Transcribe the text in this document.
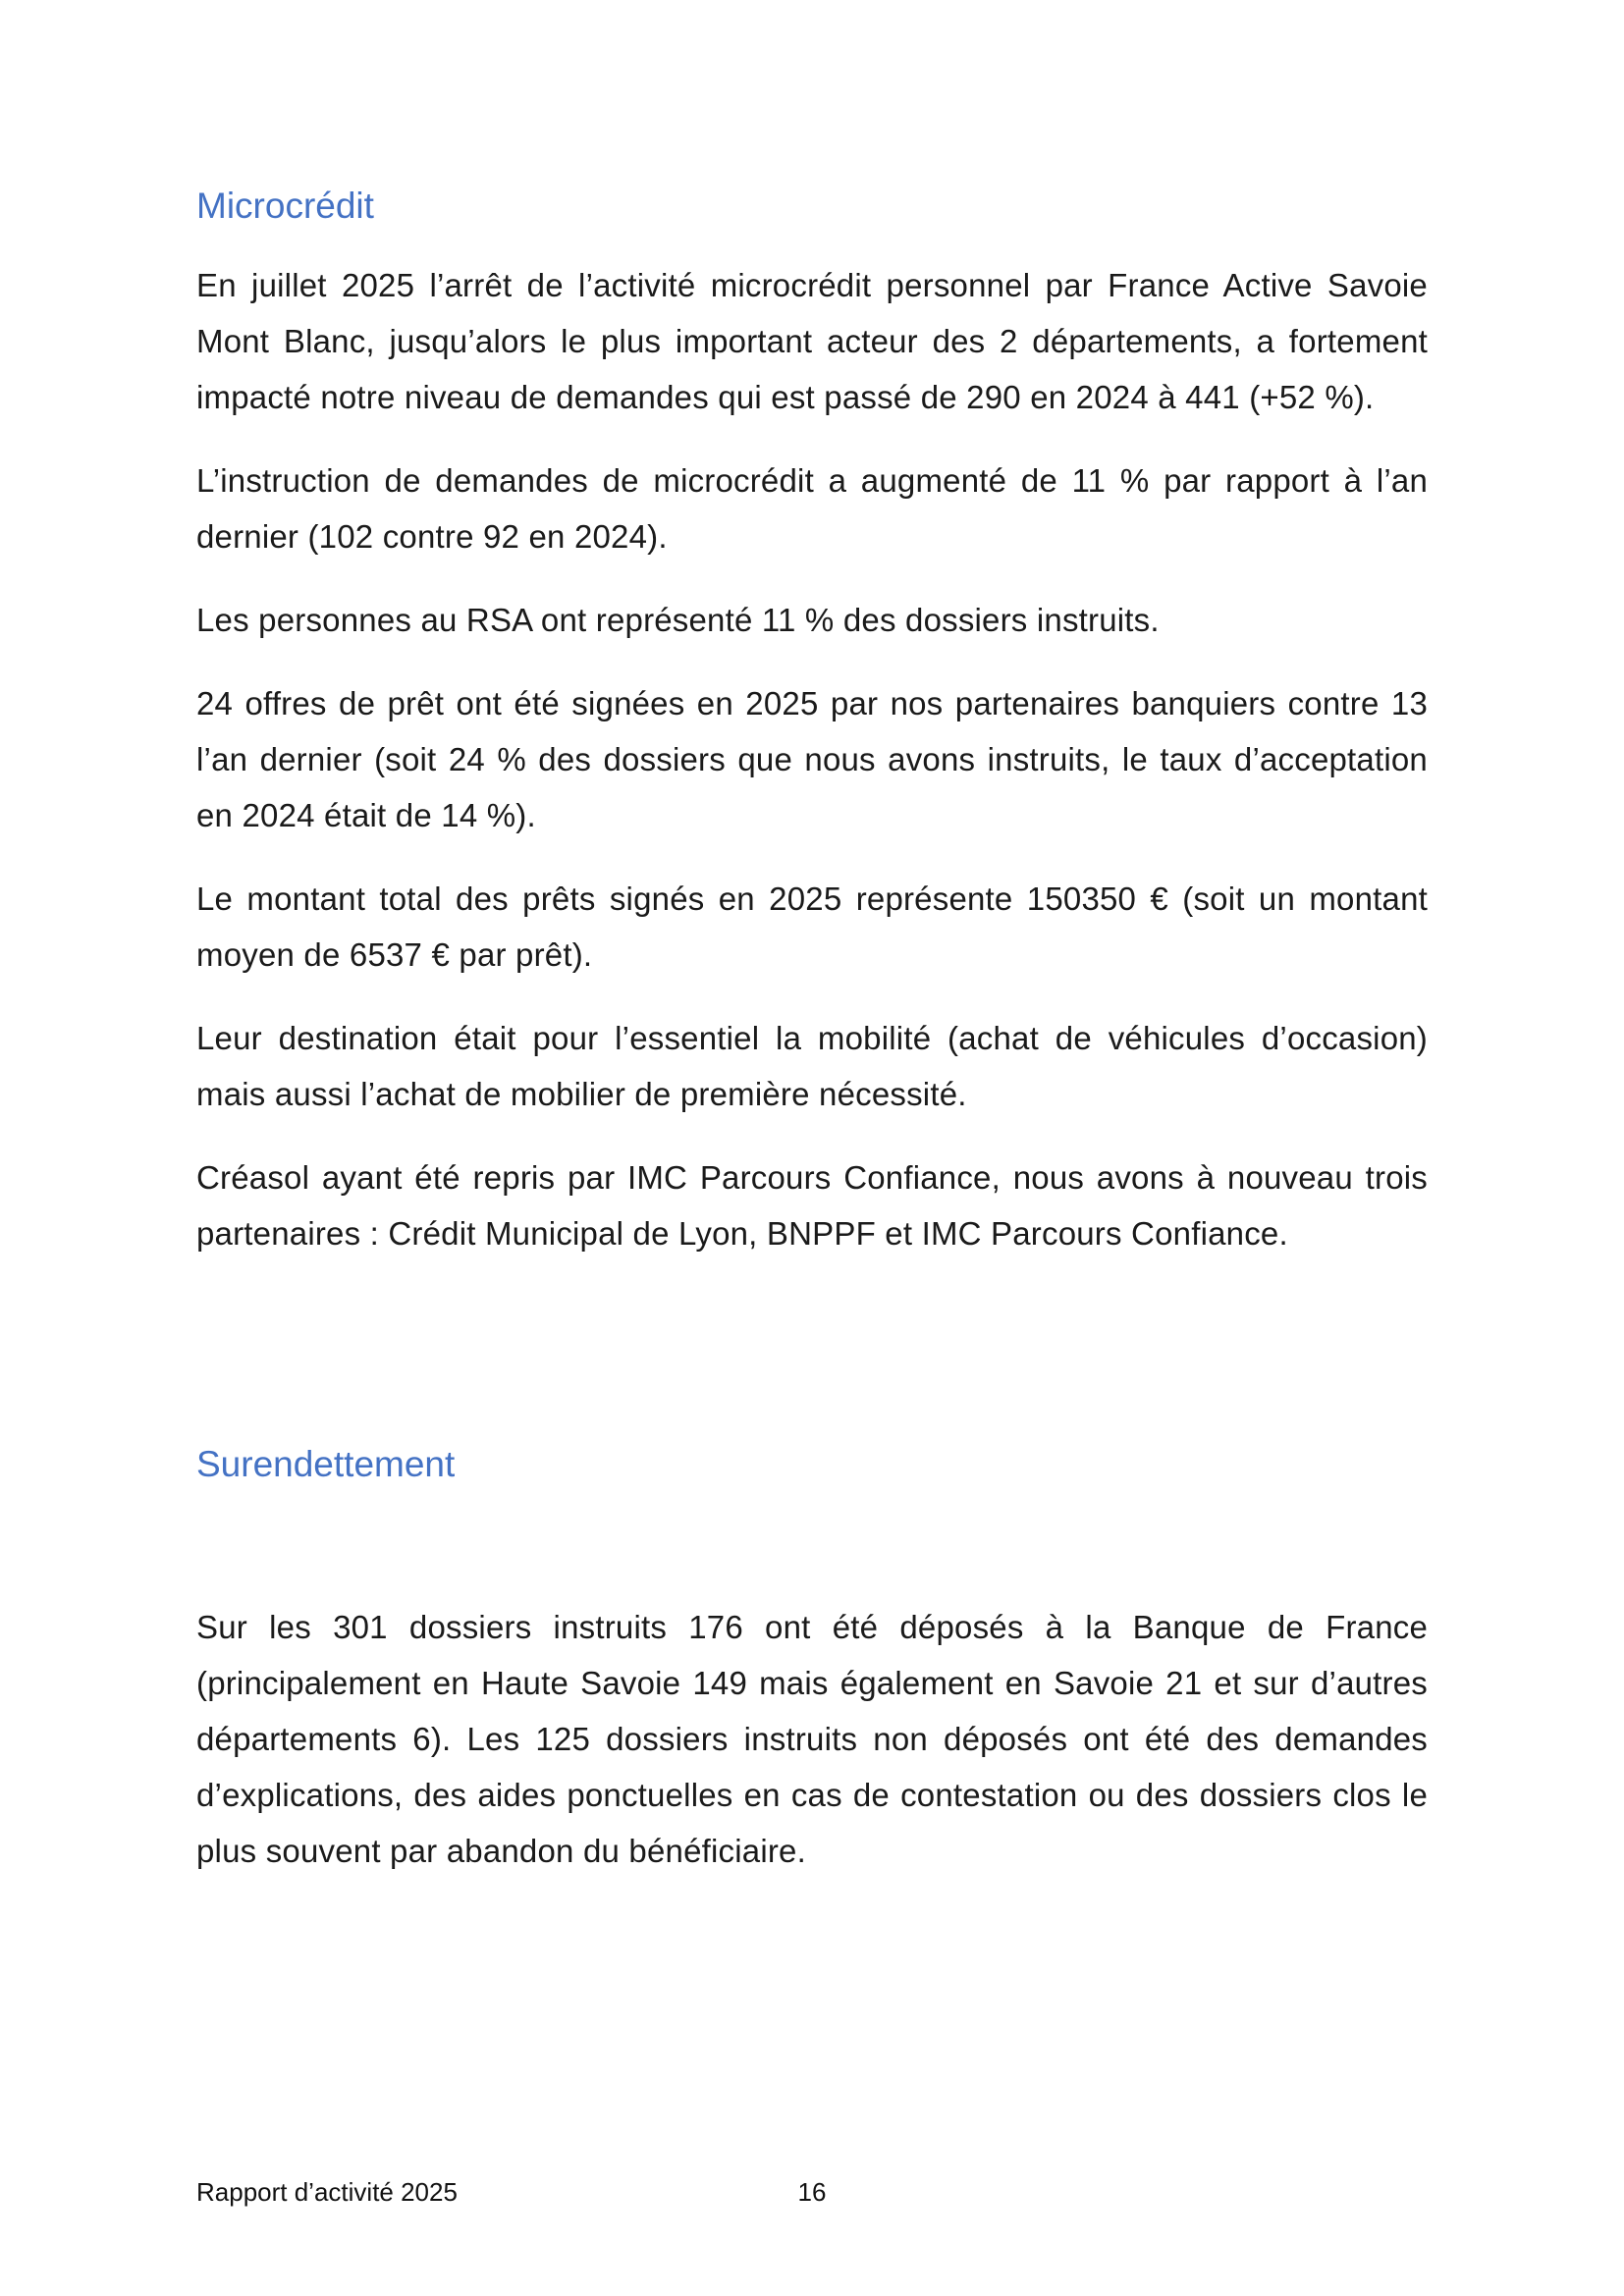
Microcrédit

En juillet 2025 l’arrêt de l’activité microcrédit personnel par France Active Savoie Mont Blanc, jusqu’alors le plus important acteur des 2 départements, a fortement impacté notre niveau de demandes qui est passé de 290 en 2024 à 441 (+52 %).

L’instruction de demandes de microcrédit a augmenté de 11 % par rapport à l’an dernier (102 contre 92 en 2024).

Les personnes au RSA ont représenté 11 % des dossiers instruits.

24 offres de prêt ont été signées en 2025 par nos partenaires banquiers contre 13 l’an dernier (soit 24 % des dossiers que nous avons instruits, le taux d’acceptation en 2024 était de 14 %).

Le montant total des prêts signés en 2025 représente 150350 € (soit un montant moyen de 6537 € par prêt).

Leur destination était pour l’essentiel la mobilité (achat de véhicules d’occasion) mais aussi l’achat de mobilier de première nécessité.

Créasol ayant été repris par IMC Parcours Confiance, nous avons à nouveau trois partenaires : Crédit Municipal de Lyon, BNPPF et IMC Parcours Confiance.

Surendettement

Sur les 301 dossiers instruits 176 ont été déposés à la Banque de France (principalement en Haute Savoie 149 mais également en Savoie 21 et sur d’autres départements 6). Les 125 dossiers instruits non déposés ont été des demandes d’explications, des aides ponctuelles en cas de contestation ou des dossiers clos le plus souvent par abandon du bénéficiaire.

Rapport d’activité 2025	16
